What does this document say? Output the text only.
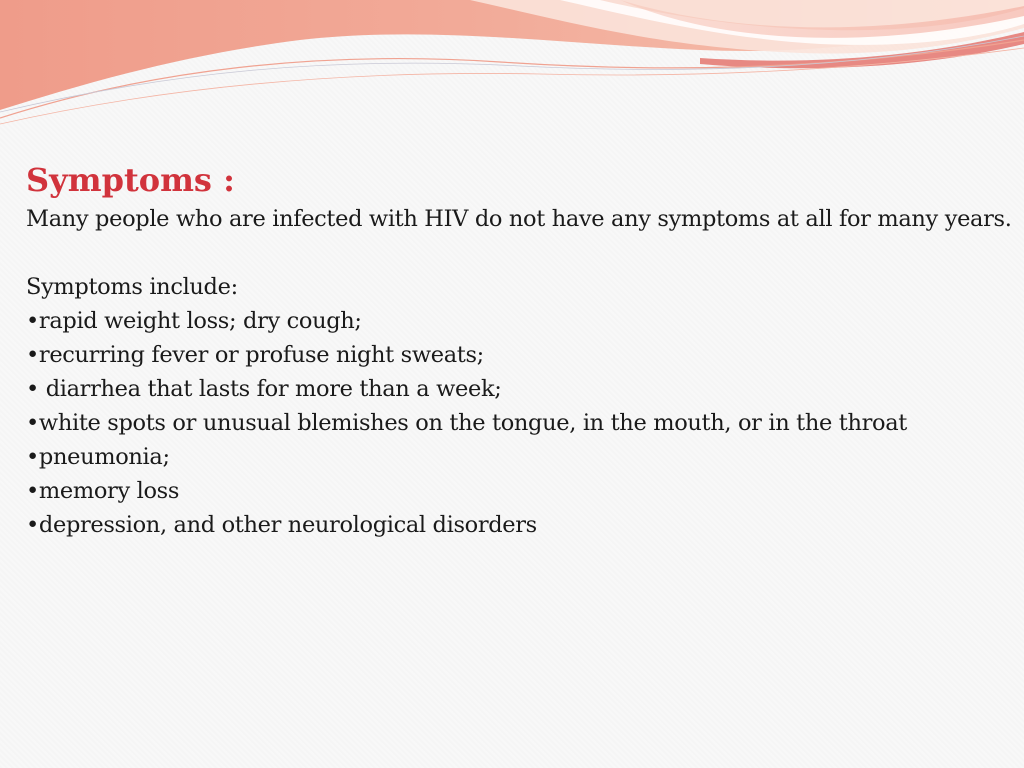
Symptoms :

Many people who are infected with HIV do not have any symptoms at all for many years.

Symptoms include:

•rapid weight loss; dry cough;

•recurring fever or profuse night sweats;

• diarrhea that lasts for more than a week;

•white spots or unusual blemishes on the tongue, in the mouth, or in the throat

•pneumonia;

•memory loss

•depression, and other neurological disorders
